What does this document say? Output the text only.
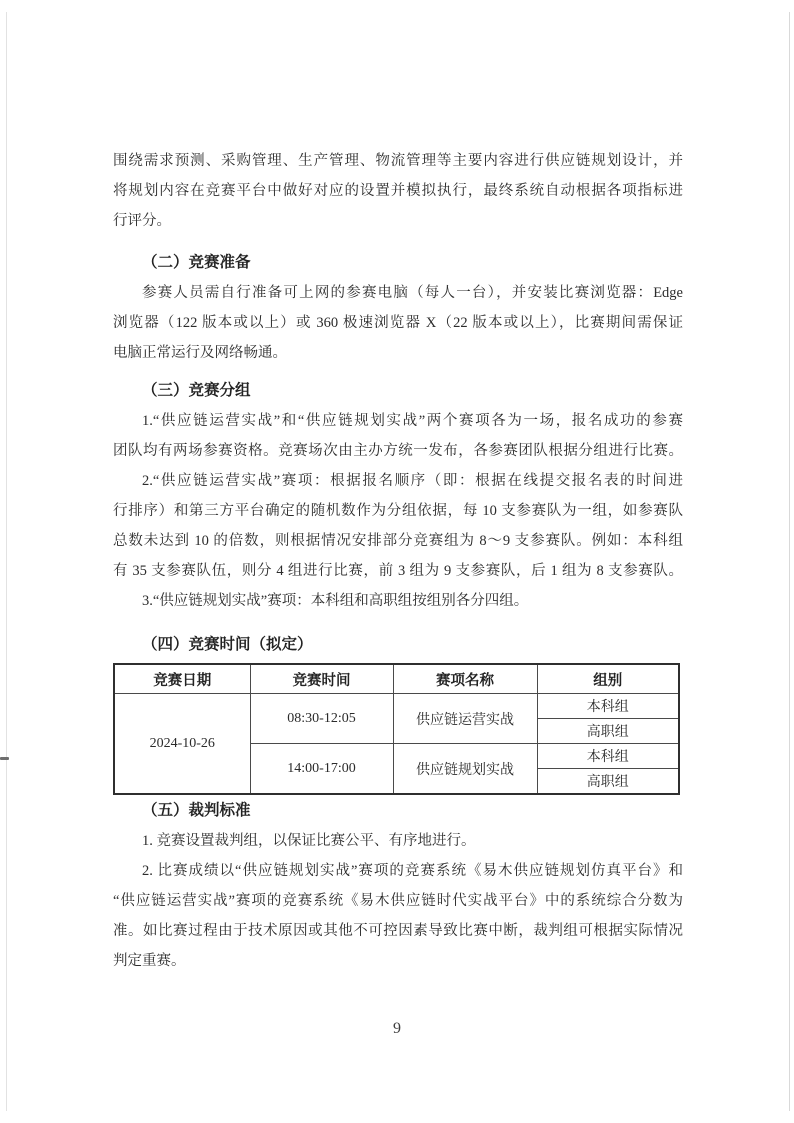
围绕需求预测、采购管理、生产管理、物流管理等主要内容进行供应链规划设计，并
将规划内容在竞赛平台中做好对应的设置并模拟执行，最终系统自动根据各项指标进
行评分。
（二）竞赛准备
参赛人员需自行准备可上网的参赛电脑（每人一台），并安装比赛浏览器：Edge
浏览器（122 版本或以上）或 360 极速浏览器 X（22 版本或以上），比赛期间需保证
电脑正常运行及网络畅通。
（三）竞赛分组
1.“供应链运营实战”和“供应链规划实战”两个赛项各为一场，报名成功的参赛
团队均有两场参赛资格。竞赛场次由主办方统一发布，各参赛团队根据分组进行比赛。
2.“供应链运营实战”赛项：根据报名顺序（即：根据在线提交报名表的时间进
行排序）和第三方平台确定的随机数作为分组依据，每 10 支参赛队为一组，如参赛队
总数未达到 10 的倍数，则根据情况安排部分竞赛组为 8～9 支参赛队。例如：本科组
有 35 支参赛队伍，则分 4 组进行比赛，前 3 组为 9 支参赛队，后 1 组为 8 支参赛队。
3.“供应链规划实战”赛项：本科组和高职组按组别各分四组。
（四）竞赛时间（拟定）
竞赛日期	竞赛时间	赛项名称	组别
2024-10-26	08:30-12:05	供应链运营实战	本科组
			高职组
	14:00-17:00	供应链规划实战	本科组
			高职组
（五）裁判标准
1. 竞赛设置裁判组，以保证比赛公平、有序地进行。
2. 比赛成绩以“供应链规划实战”赛项的竞赛系统《易木供应链规划仿真平台》和
“供应链运营实战”赛项的竞赛系统《易木供应链时代实战平台》中的系统综合分数为
准。如比赛过程由于技术原因或其他不可控因素导致比赛中断，裁判组可根据实际情况
判定重赛。
9
